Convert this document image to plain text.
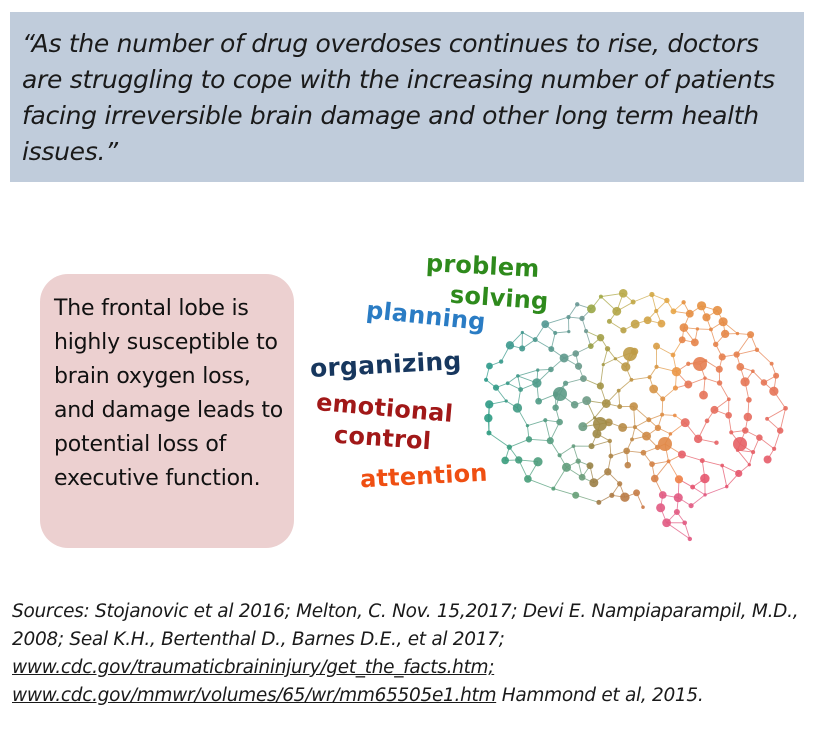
“As the number of drug overdoses continues to rise, doctors are struggling to cope with the increasing number of patients facing irreversible brain damage and other long term health issues.”

The frontal lobe is highly susceptible to brain oxygen loss, and damage leads to potential loss of executive function.

problem
solving
planning
organizing
emotional
control
attention

Sources: Stojanovic et al 2016; Melton, C. Nov. 15,2017; Devi E. Nampiaparampil, M.D., 2008; Seal K.H., Bertenthal D., Barnes D.E., et al 2017; www.cdc.gov/traumaticbraininjury/get_the_facts.htm; www.cdc.gov/mmwr/volumes/65/wr/mm65505e1.htm Hammond et al, 2015.
